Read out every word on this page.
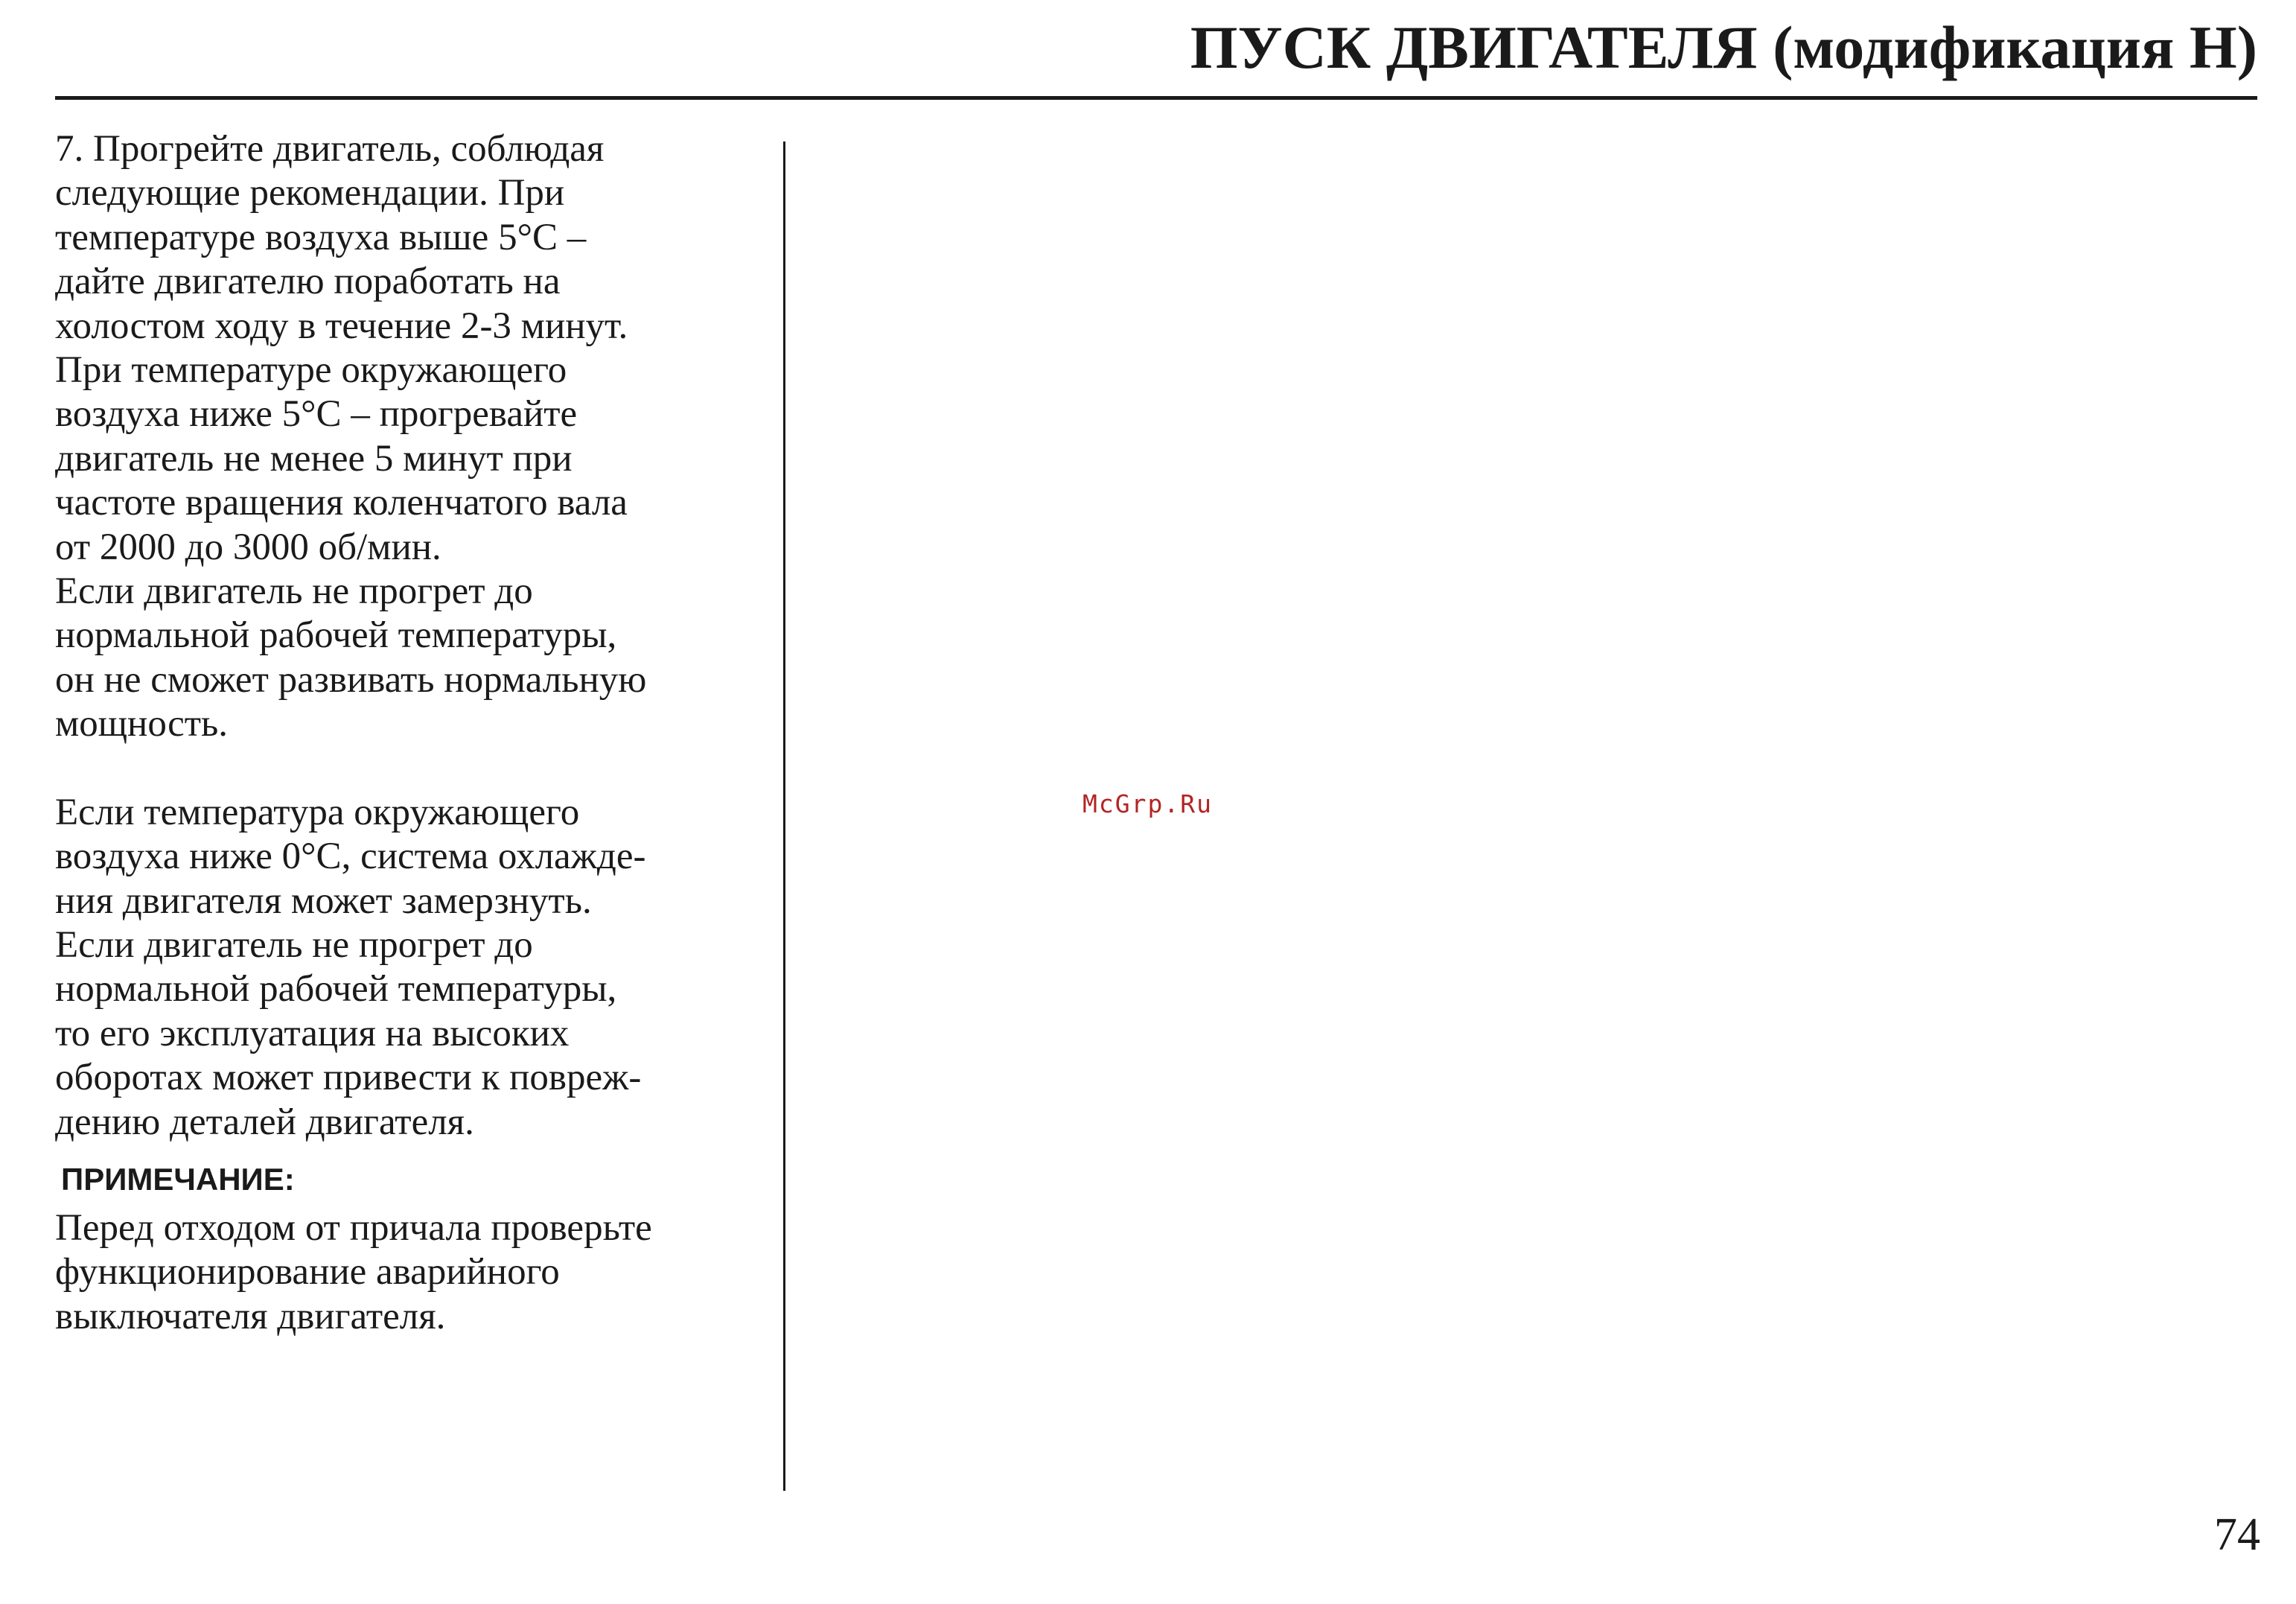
ПУСК ДВИГАТЕЛЯ (модификация Н)

7. Прогрейте двигатель, соблюдая
следующие рекомендации. При
температуре воздуха выше 5°C –
дайте двигателю поработать на
холостом ходу в течение 2-3 минут.
При температуре окружающего
воздуха ниже 5°C – прогревайте
двигатель не менее 5 минут при
частоте вращения коленчатого вала
от 2000 до 3000 об/мин.
Если двигатель не прогрет до
нормальной рабочей температуры,
он не сможет развивать нормальную
мощность.

Если температура окружающего
воздуха ниже 0°C, система охлажде-
ния двигателя может замерзнуть.
Если двигатель не прогрет до
нормальной рабочей температуры,
то его эксплуатация на высоких
оборотах может привести к повреж-
дению деталей двигателя.

ПРИМЕЧАНИЕ:

Перед отходом от причала проверьте
функционирование аварийного
выключателя двигателя.

McGrp.Ru
74
